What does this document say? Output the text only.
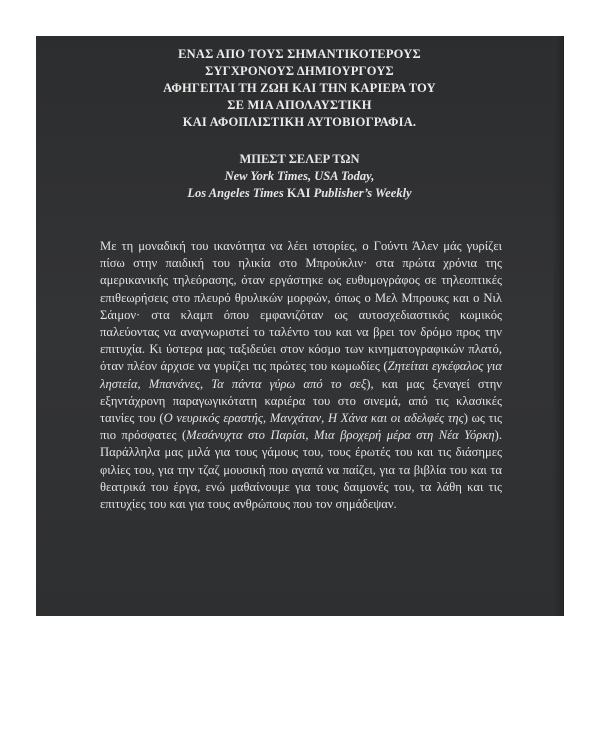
ΕΝΑΣ ΑΠΟ ΤΟΥΣ ΣΗΜΑΝΤΙΚΟΤΕΡΟΥΣ
ΣΥΓΧΡΟΝΟΥΣ ΔΗΜΙΟΥΡΓΟΥΣ
ΑΦΗΓΕΙΤΑΙ ΤΗ ΖΩΗ ΚΑΙ ΤΗΝ ΚΑΡΙΕΡΑ ΤΟΥ
ΣΕ ΜΙΑ ΑΠΟΛΑΥΣΤΙΚΗ
ΚΑΙ ΑΦΟΠΛΙΣΤΙΚΗ ΑΥΤΟΒΙΟΓΡΑΦΙΑ.

ΜΠΕΣΤ ΣΕΛΕΡ ΤΩΝ
New York Times, USA Today,
Los Angeles Times ΚΑΙ Publisher’s Weekly

Με τη μοναδική του ικανότητα να λέει ιστορίες, ο Γούντι Άλεν μάς γυρίζει πίσω στην παιδική του ηλικία στο Μπρούκλιν· στα πρώτα χρόνια της αμερικανικής τηλεόρασης, όταν εργάστηκε ως ευθυμογράφος σε τηλεοπτικές επιθεωρήσεις στο πλευρό θρυλικών μορφών, όπως ο Μελ Μπρουκς και ο Νιλ Σάιμον· στα κλαμπ όπου εμφανιζόταν ως αυτοσχεδιαστικός κωμικός παλεύοντας να αναγνωριστεί το ταλέντο του και να βρει τον δρόμο προς την επιτυχία. Κι ύστερα μας ταξιδεύει στον κόσμο των κινηματογραφικών πλατό, όταν πλέον άρχισε να γυρίζει τις πρώτες του κωμωδίες (Ζητείται εγκέφαλος για ληστεία, Μπανάνες, Τα πάντα γύρω από το σεξ), και μας ξεναγεί στην εξηντάχρονη παραγωγικότατη καριέρα του στο σινεμά, από τις κλασικές ταινίες του (Ο νευρικός εραστής, Μανχάταν, Η Χάνα και οι αδελφές της) ως τις πιο πρόσφατες (Μεσάνυχτα στο Παρίσι, Μια βροχερή μέρα στη Νέα Υόρκη). Παράλληλα μας μιλά για τους γάμους του, τους έρωτές του και τις διάσημες φιλίες του, για την τζαζ μουσική που αγαπά να παίζει, για τα βιβλία του και τα θεατρικά του έργα, ενώ μαθαίνουμε για τους δαιμονές του, τα λάθη και τις επιτυχίες του και για τους ανθρώπους που τον σημάδεψαν.
